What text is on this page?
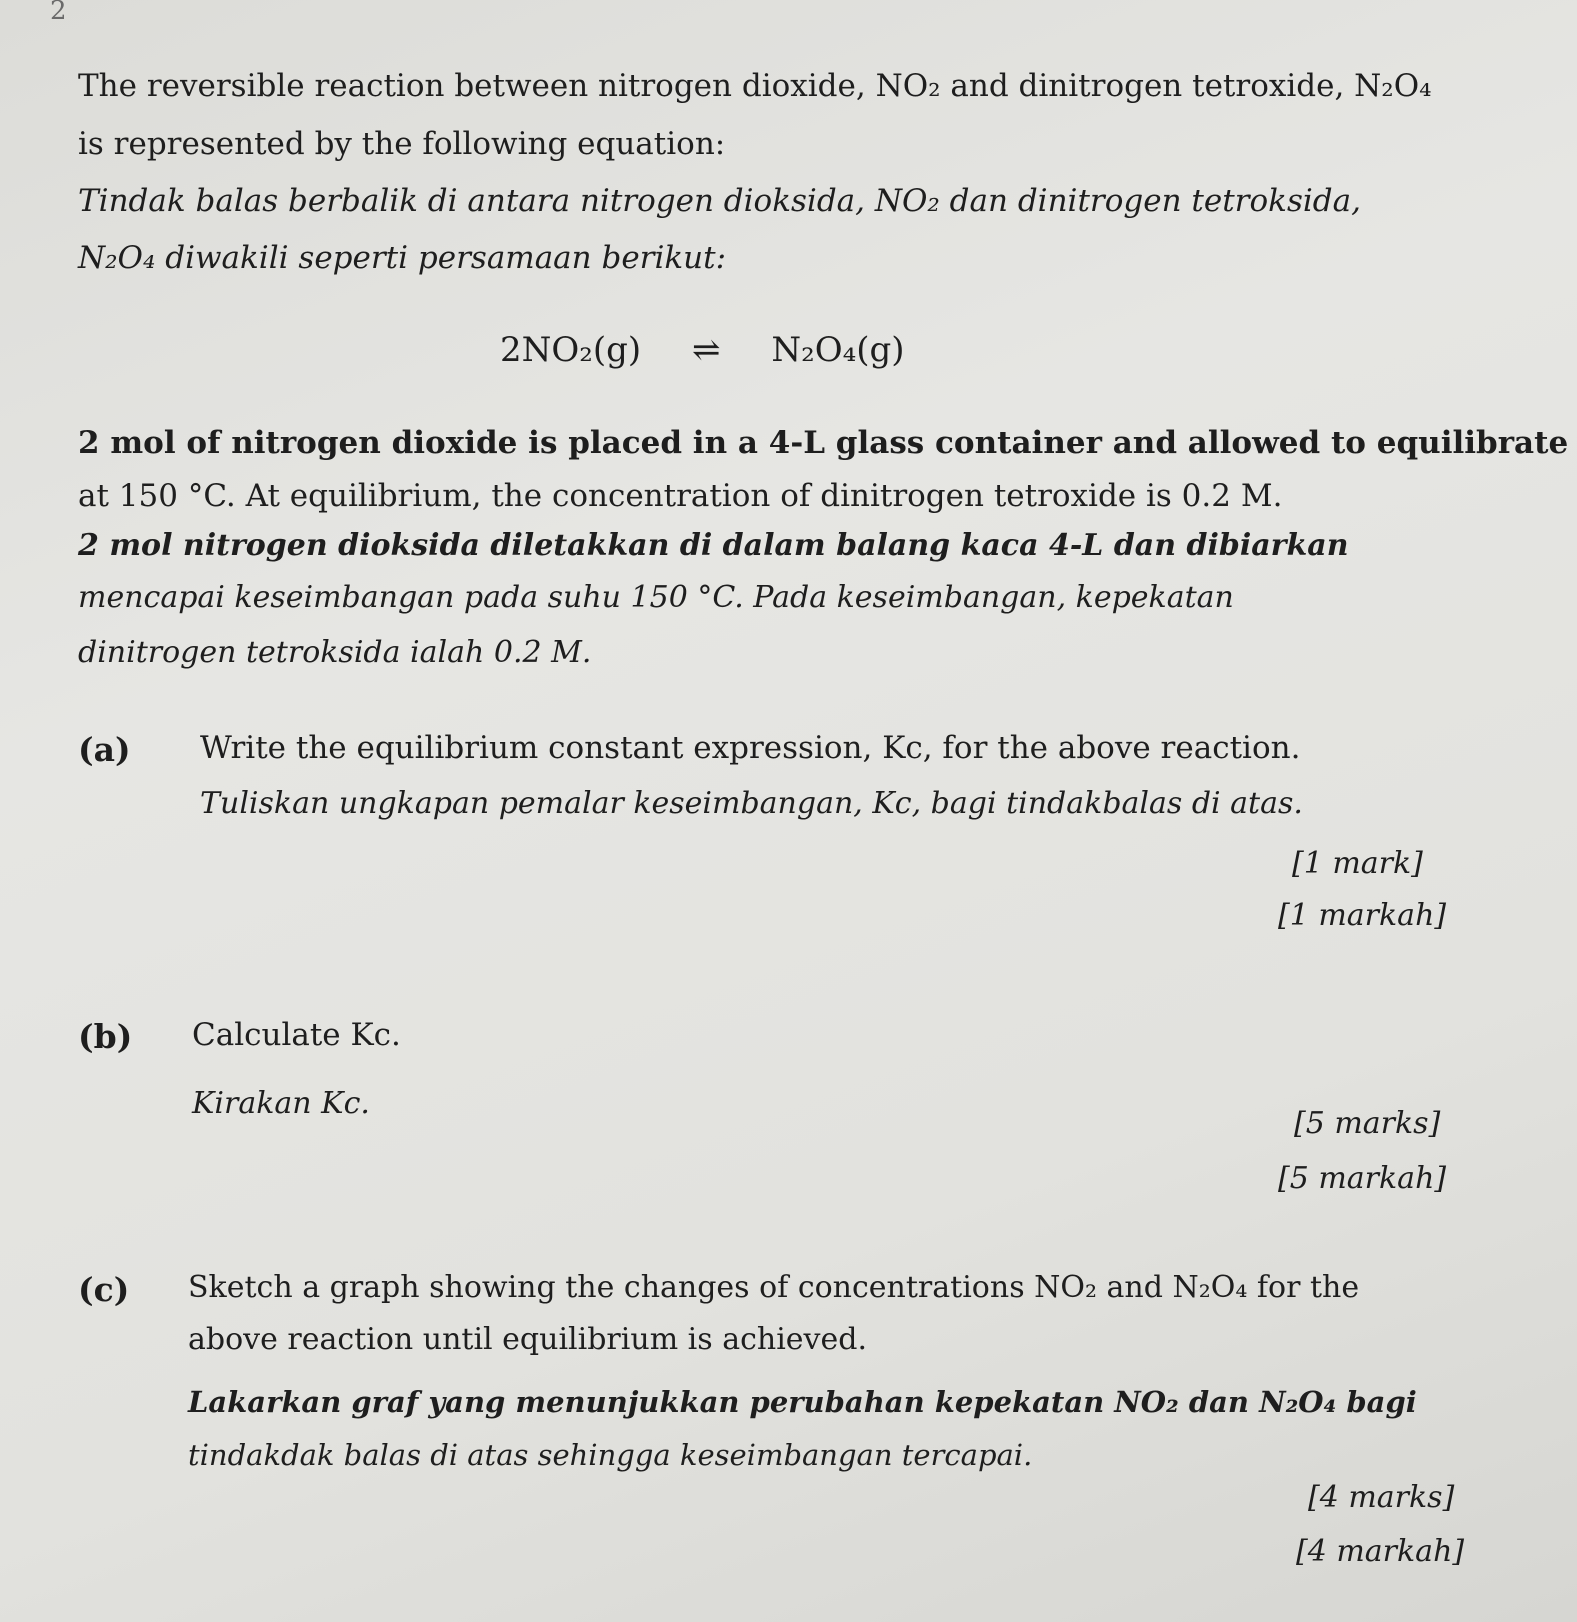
2
The reversible reaction between nitrogen dioxide, NO₂ and dinitrogen tetroxide, N₂O₄
is represented by the following equation:
Tindak balas berbalik di antara nitrogen dioksida, NO₂ dan dinitrogen tetroksida,
N₂O₄ diwakili seperti persamaan berikut:
2NO₂(g) ⇌ N₂O₄(g)
2 mol of nitrogen dioxide is placed in a 4-L glass container and allowed to equilibrate
at 150 °C. At equilibrium, the concentration of dinitrogen tetroxide is 0.2 M.
2 mol nitrogen dioksida diletakkan di dalam balang kaca 4-L dan dibiarkan
mencapai keseimbangan pada suhu 150 °C. Pada keseimbangan, kepekatan
dinitrogen tetroksida ialah 0.2 M.
(a) Write the equilibrium constant expression, Kc, for the above reaction.
Tuliskan ungkapan pemalar keseimbangan, Kc, bagi tindakbalas di atas.
[1 mark]
[1 markah]
(b) Calculate Kc.
Kirakan Kc.
[5 marks]
[5 markah]
(c) Sketch a graph showing the changes of concentrations NO₂ and N₂O₄ for the
above reaction until equilibrium is achieved.
Lakarkan graf yang menunjukkan perubahan kepekatan NO₂ dan N₂O₄ bagi
tindakdak balas di atas sehingga keseimbangan tercapai.
[4 marks]
[4 markah]
